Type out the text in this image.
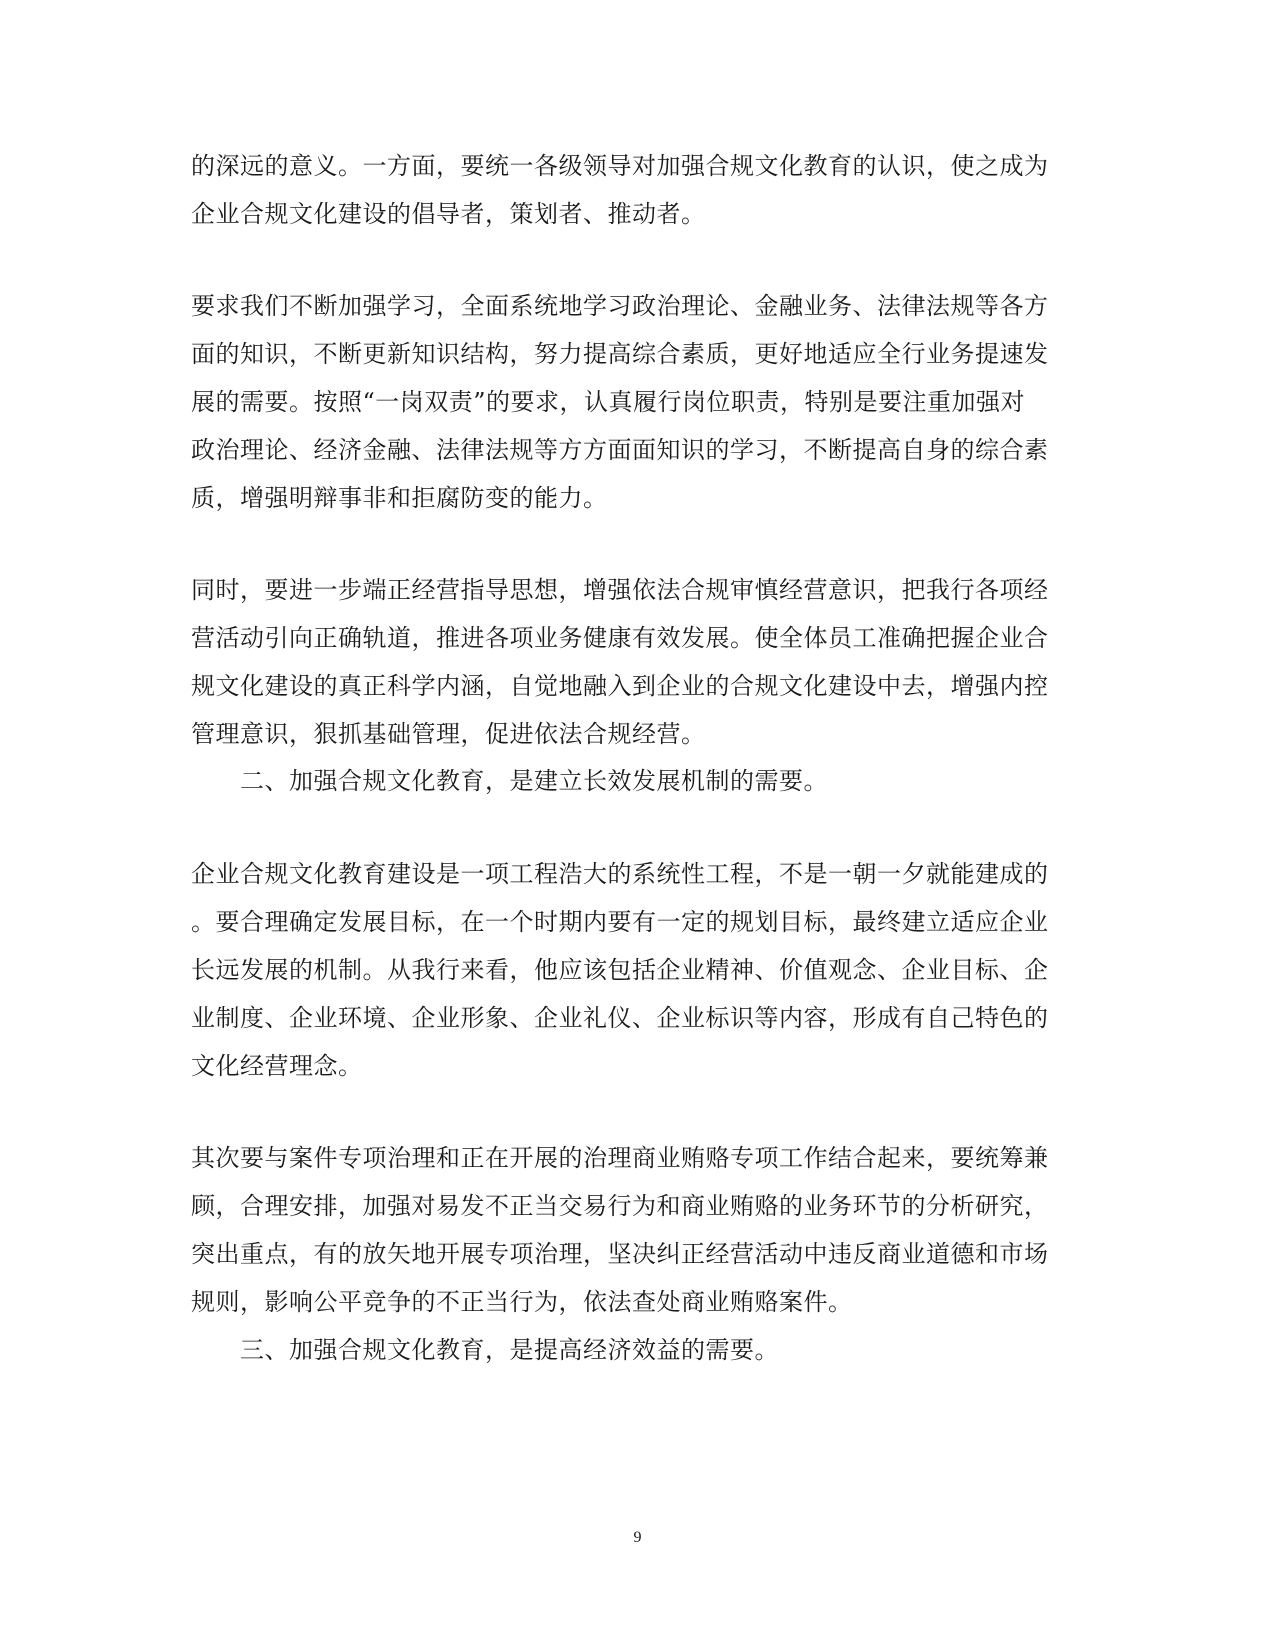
的深远的意义。一方面，要统一各级领导对加强合规文化教育的认识，使之成为
企业合规文化建设的倡导者，策划者、推动者。
要求我们不断加强学习，全面系统地学习政治理论、金融业务、法律法规等各方
面的知识，不断更新知识结构，努力提高综合素质，更好地适应全行业务提速发
展的需要。按照“一岗双责”的要求，认真履行岗位职责，特别是要注重加强对
政治理论、经济金融、法律法规等方方面面知识的学习，不断提高自身的综合素
质，增强明辩事非和拒腐防变的能力。
同时，要进一步端正经营指导思想，增强依法合规审慎经营意识，把我行各项经
营活动引向正确轨道，推进各项业务健康有效发展。使全体员工准确把握企业合
规文化建设的真正科学内涵，自觉地融入到企业的合规文化建设中去，增强内控
管理意识，狠抓基础管理，促进依法合规经营。
二、加强合规文化教育，是建立长效发展机制的需要。
企业合规文化教育建设是一项工程浩大的系统性工程，不是一朝一夕就能建成的
。要合理确定发展目标，在一个时期内要有一定的规划目标，最终建立适应企业
长远发展的机制。从我行来看，他应该包括企业精神、价值观念、企业目标、企
业制度、企业环境、企业形象、企业礼仪、企业标识等内容，形成有自己特色的
文化经营理念。
其次要与案件专项治理和正在开展的治理商业贿赂专项工作结合起来，要统筹兼
顾，合理安排，加强对易发不正当交易行为和商业贿赂的业务环节的分析研究，
突出重点，有的放矢地开展专项治理，坚决纠正经营活动中违反商业道德和市场
规则，影响公平竞争的不正当行为，依法查处商业贿赂案件。
三、加强合规文化教育，是提高经济效益的需要。
9
